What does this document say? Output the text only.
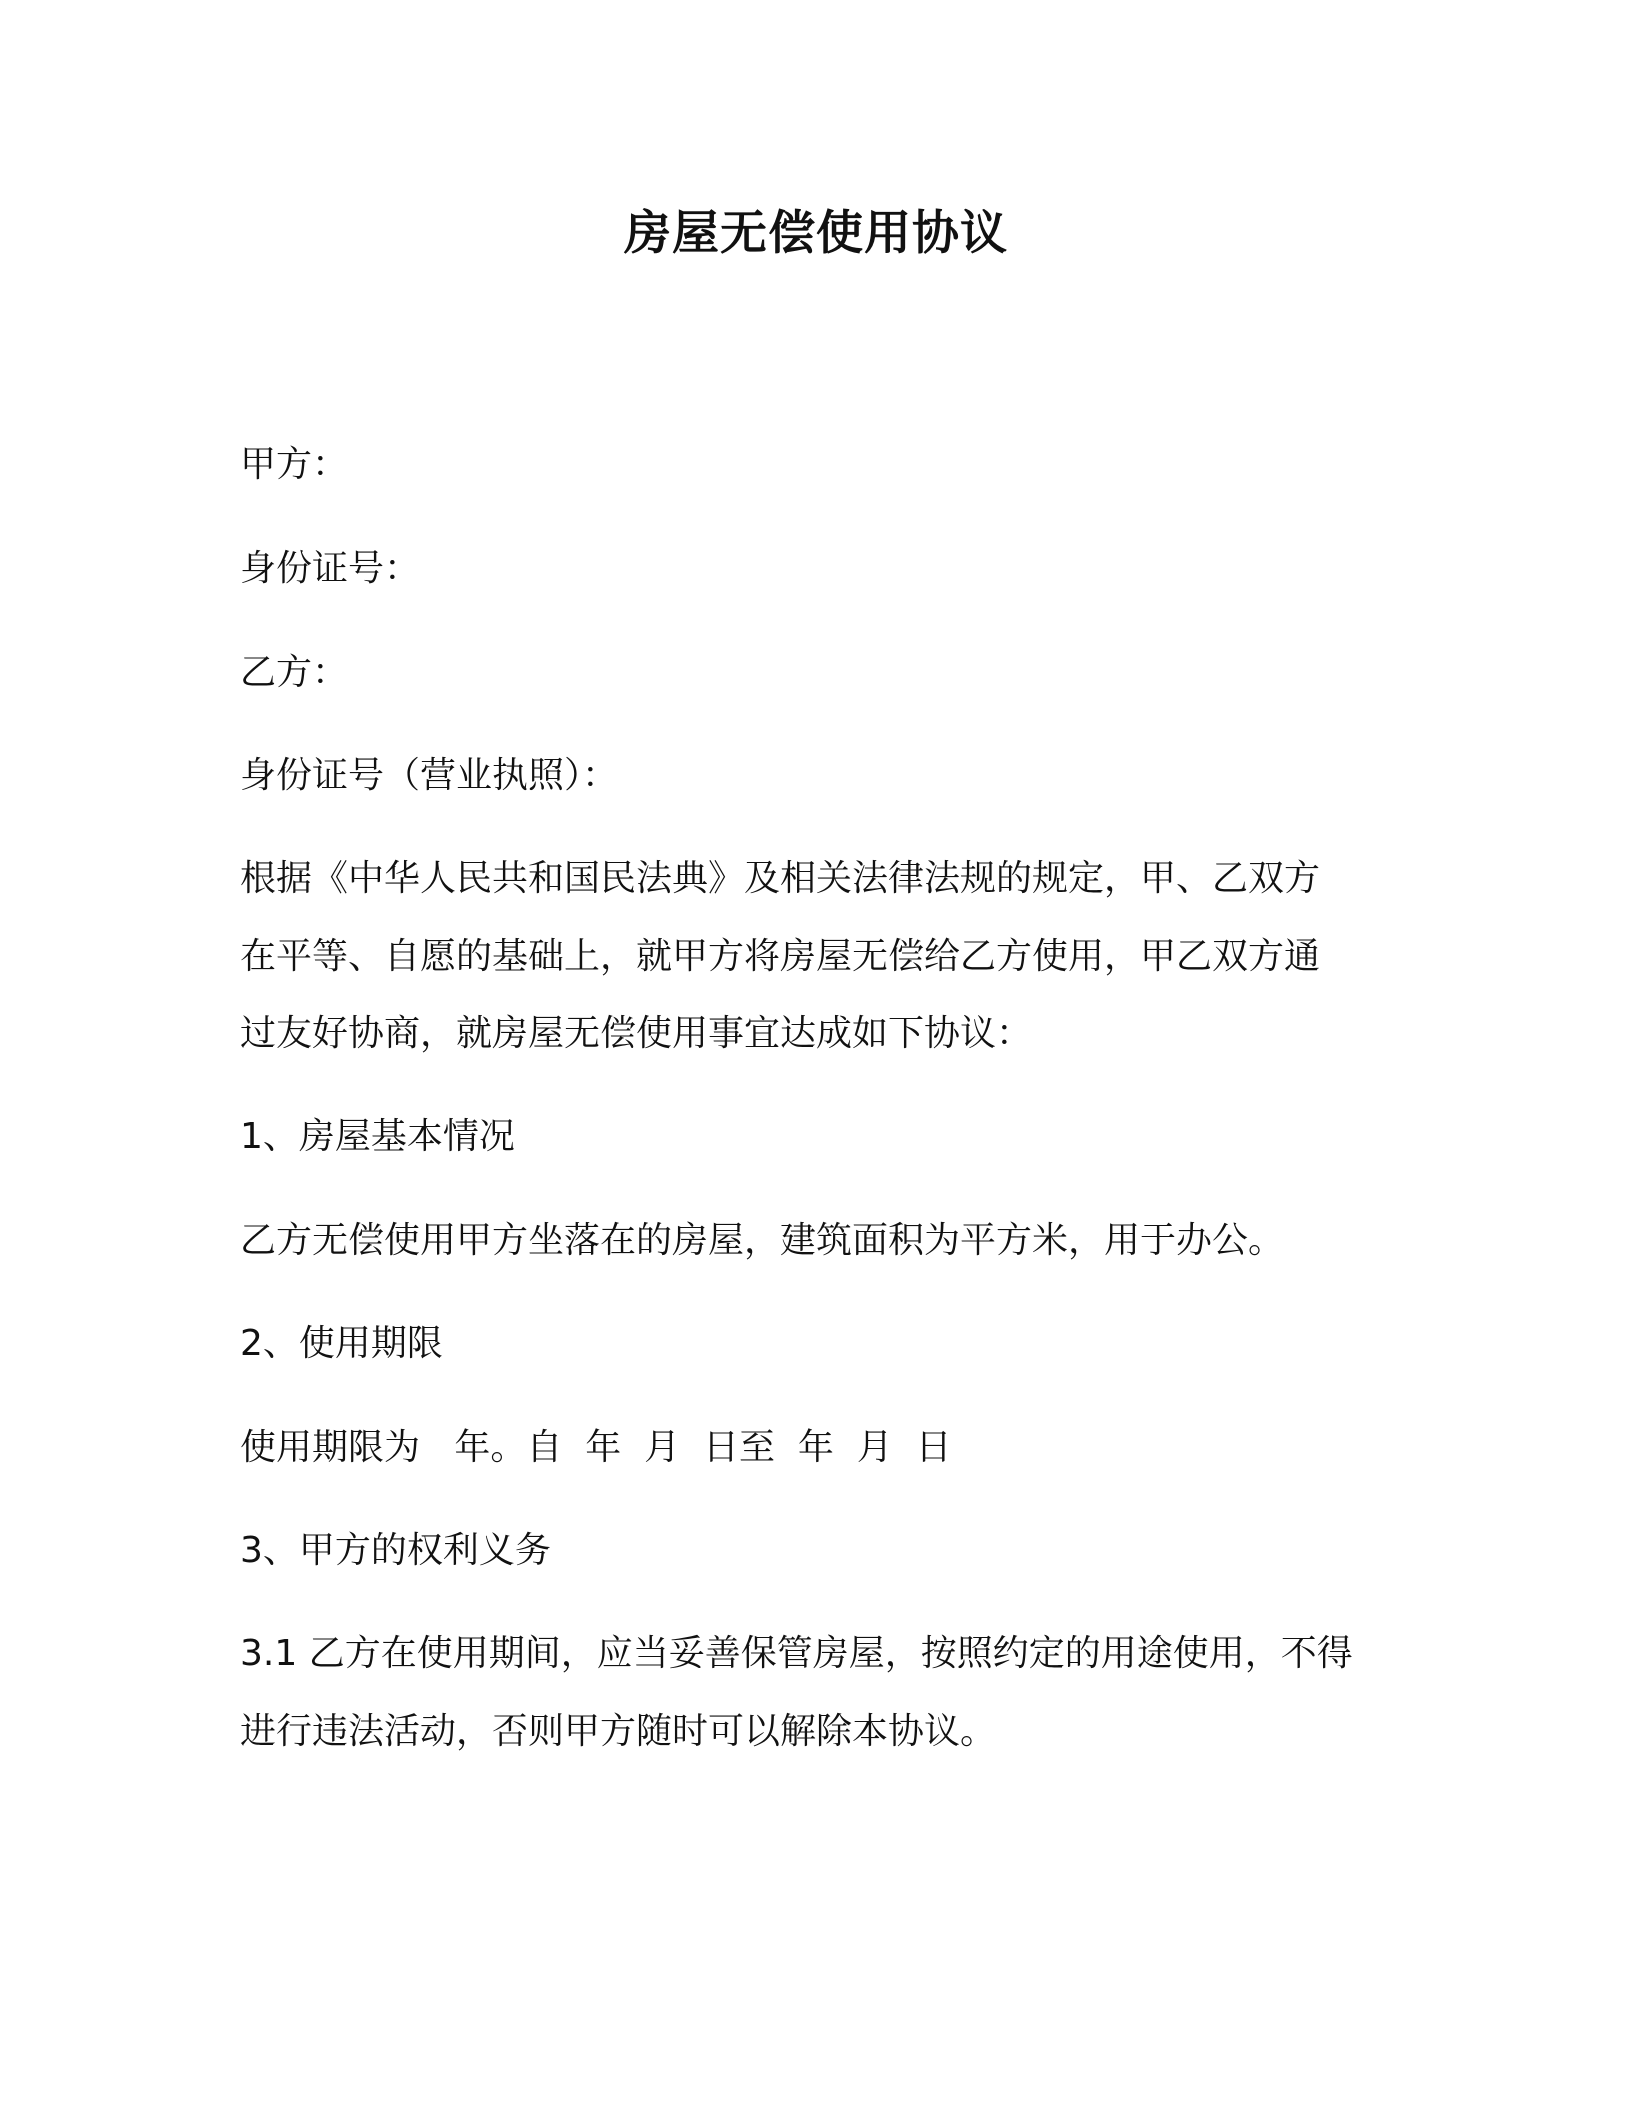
房屋无偿使用协议

甲方：

身份证号：

乙方：

身份证号（营业执照）：

根据《中华人民共和国民法典》及相关法律法规的规定，甲、乙双方

在平等、自愿的基础上，就甲方将房屋无偿给乙方使用，甲乙双方通

过友好协商，就房屋无偿使用事宜达成如下协议：

1、房屋基本情况

乙方无偿使用甲方坐落在的房屋，建筑面积为平方米，用于办公。

2、使用期限

使用期限为   年。自  年  月  日至  年  月  日

3、甲方的权利义务

3.1 乙方在使用期间，应当妥善保管房屋，按照约定的用途使用，不得

进行违法活动，否则甲方随时可以解除本协议。
